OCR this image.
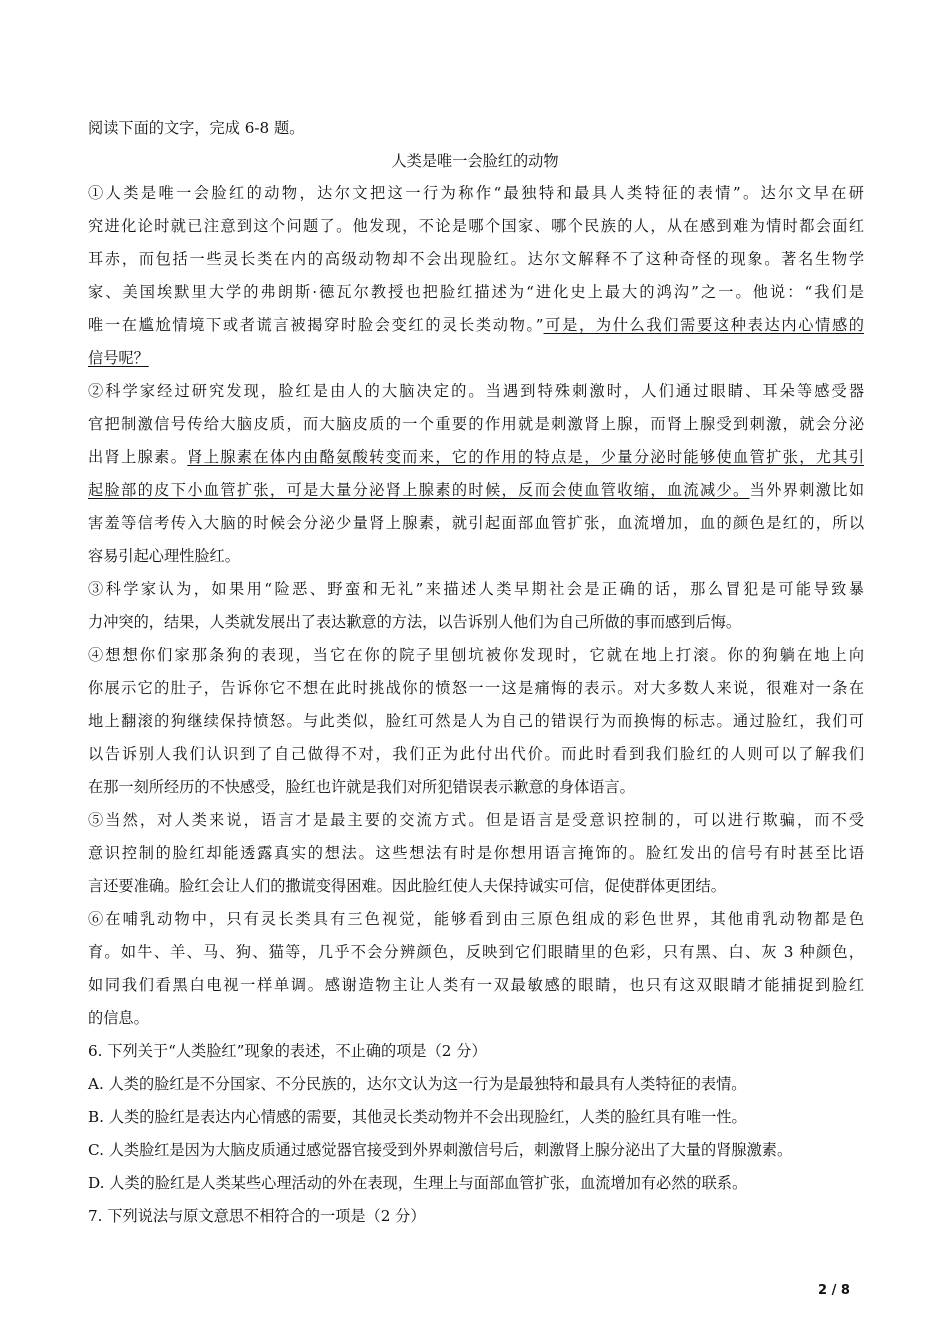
阅读下面的文字，完成 6-8 题。
人类是唯一会脸红的动物
①人类是唯一会脸红的动物，达尔文把这一行为称作“最独特和最具人类特征的表情”。达尔文早在研
究进化论时就已注意到这个问题了。他发现，不论是哪个国家、哪个民族的人，从在感到难为情时都会面红
耳赤，而包括一些灵长类在内的高级动物却不会出现脸红。达尔文解释不了这种奇怪的现象。著名生物学
家、美国埃默里大学的弗朗斯·德瓦尔教授也把脸红描述为“进化史上最大的鸿沟”之一。他说：“我们是
唯一在尴尬情境下或者谎言被揭穿时脸会变红的灵长类动物。”可是，为什么我们需要这种表达内心情感的
信号呢？
②科学家经过研究发现，脸红是由人的大脑决定的。当遇到特殊刺激时，人们通过眼睛、耳朵等感受器
官把制激信号传给大脑皮质，而大脑皮质的一个重要的作用就是刺激肾上腺，而肾上腺受到刺激，就会分泌
出肾上腺素。肾上腺素在体内由酪氨酸转变而来，它的作用的特点是，少量分泌时能够使血管扩张，尤其引
起脸部的皮下小血管扩张，可是大量分泌肾上腺素的时候，反而会使血管收缩，血流减少。当外界刺激比如
害羞等信考传入大脑的时候会分泌少量肾上腺素，就引起面部血管扩张，血流增加，血的颜色是红的，所以
容易引起心理性脸红。
③科学家认为，如果用“险恶、野蛮和无礼”来描述人类早期社会是正确的话，那么冒犯是可能导致暴
力冲突的，结果，人类就发展出了表达歉意的方法，以告诉别人他们为自己所做的事而感到后悔。
④想想你们家那条狗的表现，当它在你的院子里刨坑被你发现时，它就在地上打滚。你的狗躺在地上向
你展示它的肚子，告诉你它不想在此时挑战你的愤怒一一这是痛悔的表示。对大多数人来说，很难对一条在
地上翻滚的狗继续保持愤怒。与此类似，脸红可然是人为自己的错误行为而换悔的标志。通过脸红，我们可
以告诉别人我们认识到了自己做得不对，我们正为此付出代价。而此时看到我们脸红的人则可以了解我们
在那一刻所经历的不快感受，脸红也许就是我们对所犯错误表示歉意的身体语言。
⑤当然，对人类来说，语言才是最主要的交流方式。但是语言是受意识控制的，可以进行欺骗，而不受
意识控制的脸红却能透露真实的想法。这些想法有时是你想用语言掩饰的。脸红发出的信号有时甚至比语
言还要准确。脸红会让人们的撒谎变得困难。因此脸红使人夫保持诚实可信，促使群体更团结。
⑥在哺乳动物中，只有灵长类具有三色视觉，能够看到由三原色组成的彩色世界，其他甫乳动物都是色
育。如牛、羊、马、狗、猫等，几乎不会分辨颜色，反映到它们眼睛里的色彩，只有黑、白、灰 3 种颜色，
如同我们看黑白电视一样单调。感谢造物主让人类有一双最敏感的眼睛，也只有这双眼睛才能捕捉到脸红
的信息。
6. 下列关于“人类脸红”现象的表述，不止确的项是（2 分）
A. 人类的脸红是不分国家、不分民族的，达尔文认为这一行为是最独特和最具有人类特征的表情。
B. 人类的脸红是表达内心情感的需要，其他灵长类动物并不会出现脸红，人类的脸红具有唯一性。
C. 人类脸红是因为大脑皮质通过感觉器官接受到外界刺激信号后，刺激肾上腺分泌出了大量的肾腺激素。
D. 人类的脸红是人类某些心理活动的外在表现，生理上与面部血管扩张，血流增加有必然的联系。
7. 下列说法与原文意思不相符合的一项是（2 分）
2 / 8
